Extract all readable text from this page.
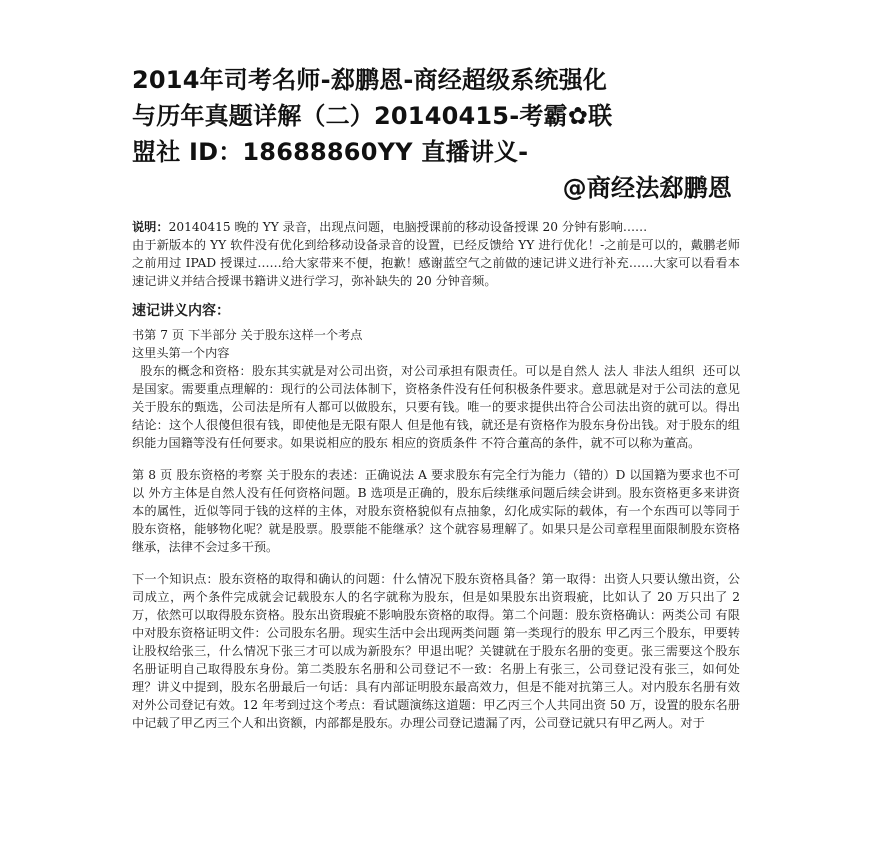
2014年司考名师-郄鹏恩-商经超级系统强化
与历年真题详解（二）20140415-考霸✿联
盟社 ID：18688860YY 直播讲义-
@商经法郄鹏恩

说明：20140415 晚的 YY 录音，出现点问题，电脑授课前的移动设备授课 20 分钟有影响……
由于新版本的 YY 软件没有优化到给移动设备录音的设置，已经反馈给 YY 进行优化！-之前是可以的，戴鹏老师之前用过 IPAD 授课过……给大家带来不便，抱歉！感谢蓝空气之前做的速记讲义进行补充……大家可以看看本速记讲义并结合授课书籍讲义进行学习，弥补缺失的 20 分钟音频。

速记讲义内容：

书第 7 页 下半部分 关于股东这样一个考点

这里头第一个内容

股东的概念和资格：股东其实就是对公司出资，对公司承担有限责任。可以是自然人 法人 非法人组织  还可以是国家。需要重点理解的：现行的公司法体制下，资格条件没有任何积极条件要求。意思就是对于公司法的意见关于股东的甄选，公司法是所有人都可以做股东，只要有钱。唯一的要求提供出符合公司法出资的就可以。得出结论：这个人很傻但很有钱，即使他是无限有限人 但是他有钱，就还是有资格作为股东身份出钱。对于股东的组织能力国籍等没有任何要求。如果说相应的股东 相应的资质条件 不符合董高的条件，就不可以称为董高。

第 8 页 股东资格的考察 关于股东的表述：正确说法 A 要求股东有完全行为能力（错的）D 以国籍为要求也不可以 外方主体是自然人没有任何资格问题。B 选项是正确的，股东后续继承问题后续会讲到。股东资格更多来讲资本的属性，近似等同于钱的这样的主体，对股东资格貌似有点抽象，幻化成实际的载体，有一个东西可以等同于股东资格，能够物化呢？就是股票。股票能不能继承？这个就容易理解了。如果只是公司章程里面限制股东资格继承，法律不会过多干预。

下一个知识点：股东资格的取得和确认的问题：什么情况下股东资格具备？第一取得：出资人只要认缴出资，公司成立，两个条件完成就会记载股东人的名字就称为股东，但是如果股东出资瑕疵，比如认了 20 万只出了 2 万，依然可以取得股东资格。股东出资瑕疵不影响股东资格的取得。第二个问题：股东资格确认：两类公司 有限中对股东资格证明文件：公司股东名册。现实生活中会出现两类问题 第一类现行的股东 甲乙丙三个股东，甲要转让股权给张三，什么情况下张三才可以成为新股东？甲退出呢？关键就在于股东名册的变更。张三需要这个股东名册证明自己取得股东身份。第二类股东名册和公司登记不一致：名册上有张三，公司登记没有张三，如何处理？讲义中提到，股东名册最后一句话：具有内部证明股东最高效力，但是不能对抗第三人。对内股东名册有效 对外公司登记有效。12 年考到过这个考点：看试题演练这道题：甲乙丙三个人共同出资 50 万，设置的股东名册中记载了甲乙丙三个人和出资额，内部都是股东。办理公司登记遗漏了丙，公司登记就只有甲乙两人。对于
